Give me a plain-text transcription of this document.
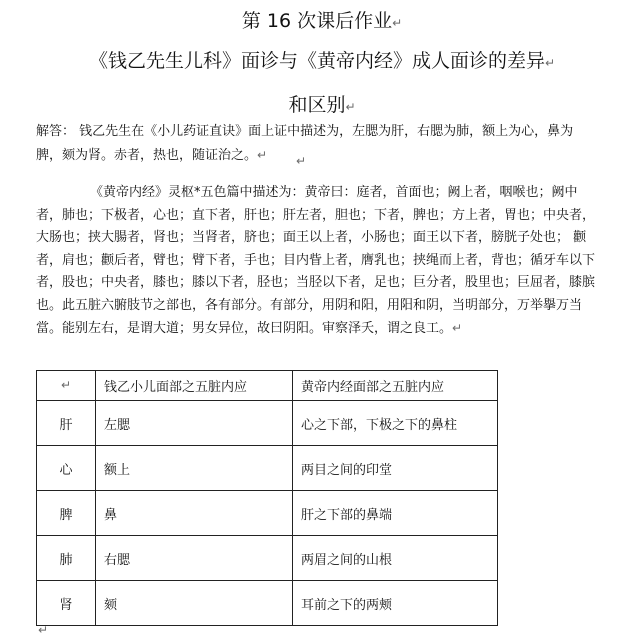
第 16 次课后作业↵
《钱乙先生儿科》面诊与《黄帝内经》成人面诊的差异↵
和区别↵
解答： 钱乙先生在《小儿药证直诀》面上证中描述为，左腮为肝，右腮为肺，额上为心，鼻为脾，颏为肾。赤者，热也，随证治之。↵	↵
《黄帝内经》灵枢*五色篇中描述为：黄帝曰：庭者，首面也；阙上者，咽喉也；阙中者，肺也；下极者，心也；直下者，肝也；肝左者，胆也；下者，脾也；方上者，胃也；中央者，大肠也；挟大腸者，肾也；当肾者，脐也；面王以上者，小肠也；面王以下者，膀胱子处也； 颧者，肩也；颧后者，臂也；臂下者，手也；目内眥上者，膺乳也；挟绳而上者，背也；循牙车以下者，股也；中央者，膝也；膝以下者，胫也；当胫以下者，足也；巨分者，股里也；巨屈者，膝膑也。此五脏六腑肢节之部也，各有部分。有部分，用阴和阳，用阳和阴，当明部分，万举擧万当當。能别左右，是谓大道；男女异位，故曰阴阳。审察泽夭，谓之良工。↵
↵	钱乙小儿面部之五脏内应	黄帝内经面部之五脏内应
肝	左腮	心之下部，下极之下的鼻柱
心	额上	两目之间的印堂
脾	鼻	肝之下部的鼻端
肺	右腮	两眉之间的山根
肾	颏	耳前之下的两颊
↵
